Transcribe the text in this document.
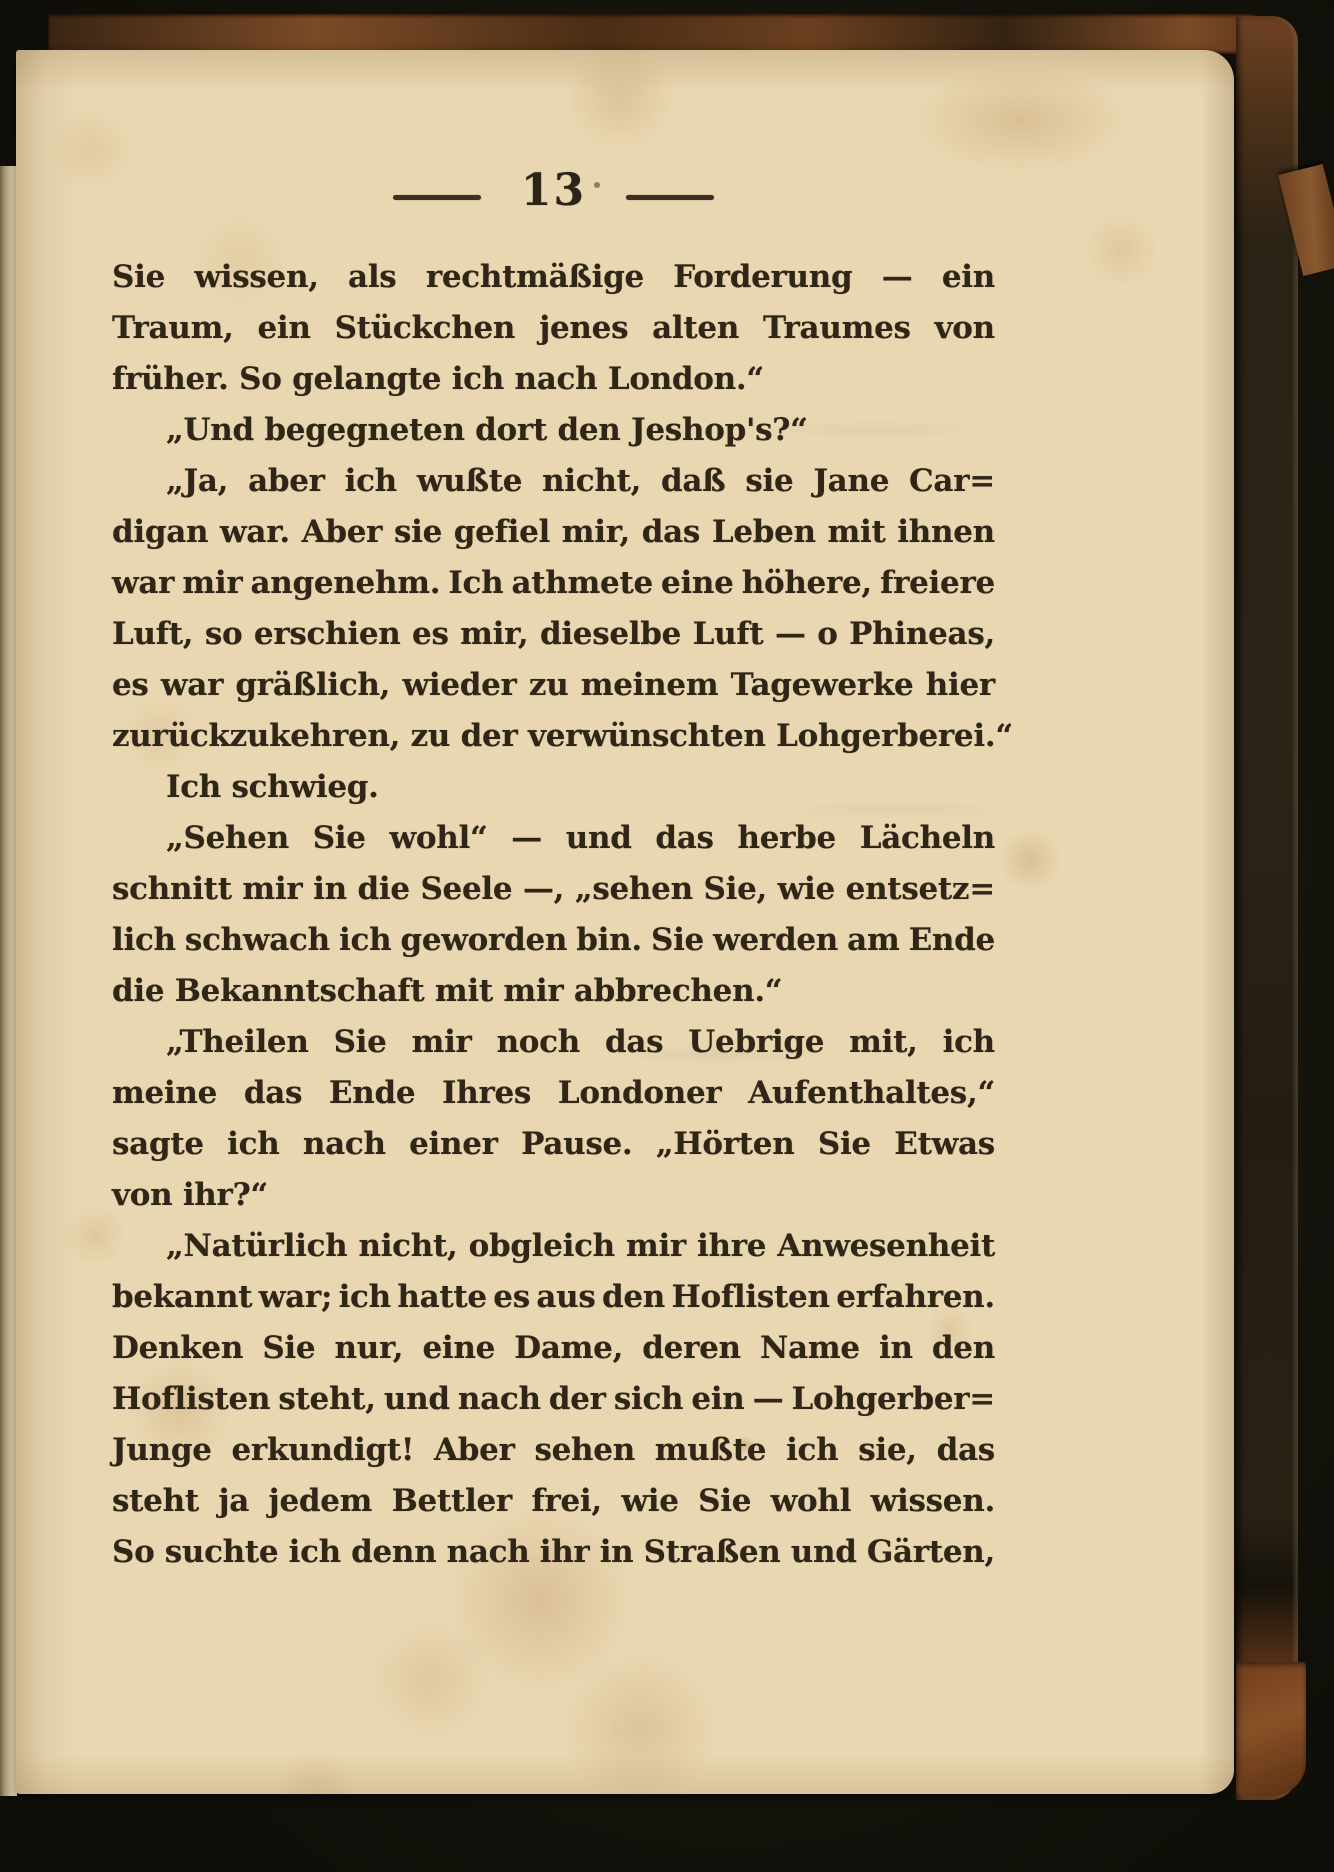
13
Sie wissen, als rechtmäßige Forderung — ein
Traum, ein Stückchen jenes alten Traumes von
früher. So gelangte ich nach London.“
„Und begegneten dort den Jeshop's?“
„Ja, aber ich wußte nicht, daß sie Jane Car=
digan war. Aber sie gefiel mir, das Leben mit ihnen
war mir angenehm. Ich athmete eine höhere, freiere
Luft, so erschien es mir, dieselbe Luft — o Phineas,
es war gräßlich, wieder zu meinem Tagewerke hier
zurückzukehren, zu der verwünschten Lohgerberei.“
Ich schwieg.
„Sehen Sie wohl“ — und das herbe Lächeln
schnitt mir in die Seele —, „sehen Sie, wie entsetz=
lich schwach ich geworden bin. Sie werden am Ende
die Bekanntschaft mit mir abbrechen.“
„Theilen Sie mir noch das Uebrige mit, ich
meine das Ende Ihres Londoner Aufenthaltes,“
sagte ich nach einer Pause. „Hörten Sie Etwas
von ihr?“
„Natürlich nicht, obgleich mir ihre Anwesenheit
bekannt war; ich hatte es aus den Hoflisten erfahren.
Denken Sie nur, eine Dame, deren Name in den
Hoflisten steht, und nach der sich ein — Lohgerber=
Junge erkundigt! Aber sehen mußte ich sie, das
steht ja jedem Bettler frei, wie Sie wohl wissen.
So suchte ich denn nach ihr in Straßen und Gärten,
